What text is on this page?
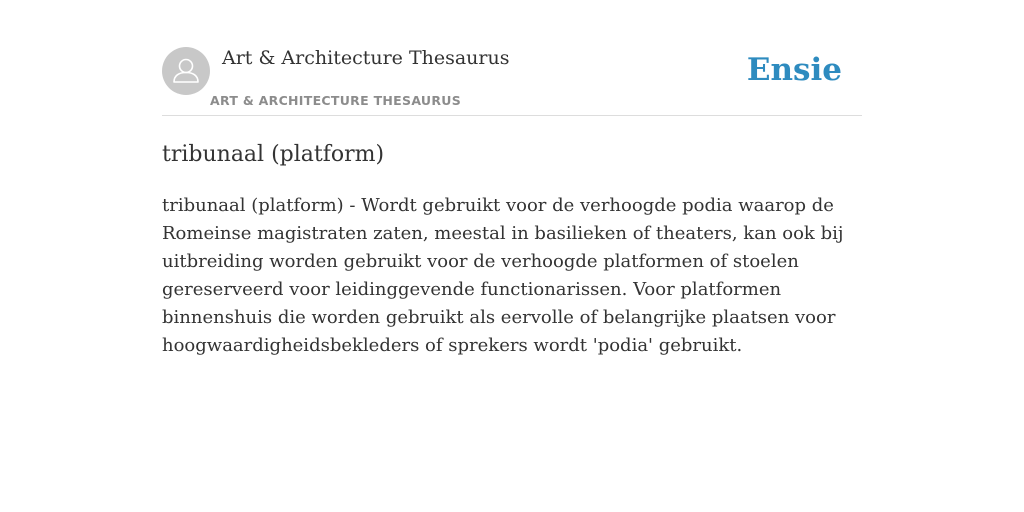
Art & Architecture Thesaurus
ART & ARCHITECTURE THESAURUS
Ensie
tribunaal (platform)

tribunaal (platform) - Wordt gebruikt voor de verhoogde podia waarop de Romeinse magistraten zaten, meestal in basilieken of theaters, kan ook bij uitbreiding worden gebruikt voor de verhoogde platformen of stoelen gereserveerd voor leidinggevende functionarissen. Voor platformen binnenshuis die worden gebruikt als eervolle of belangrijke plaatsen voor hoogwaardigheidsbekleders of sprekers wordt 'podia' gebruikt.
